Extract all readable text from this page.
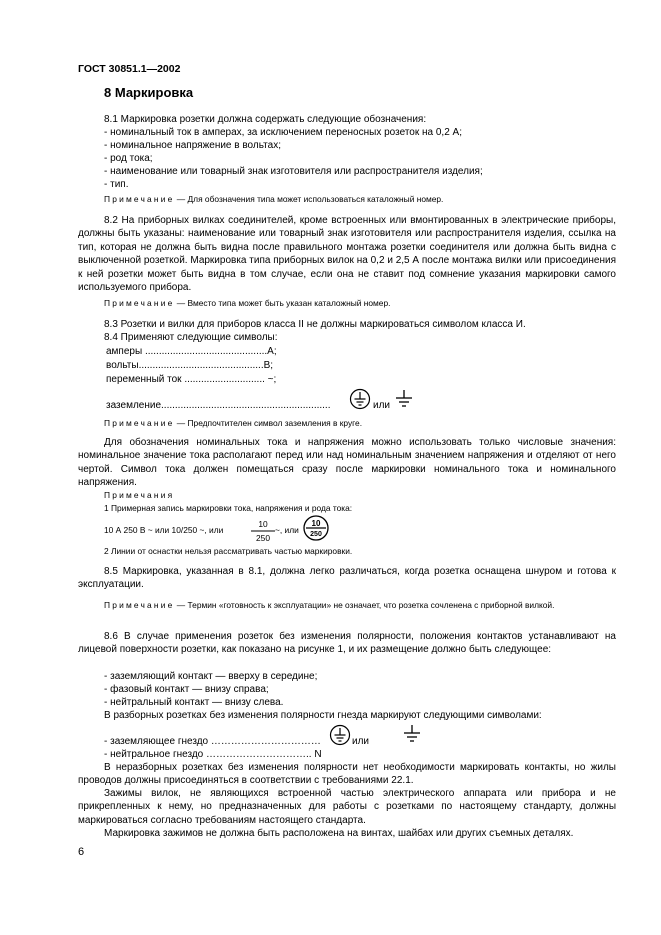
ГОСТ 30851.1—2002
8 Маркировка
8.1 Маркировка розетки должна содержать следующие обозначения:
- номинальный ток в амперах, за исключением переносных розеток на 0,2 А;
- номинальное напряжение в вольтах;
- род тока;
- наименование или товарный знак изготовителя или распространителя изделия;
- тип.
Примечание — Для обозначения типа может использоваться каталожный номер.
8.2 На приборных вилках соединителей, кроме встроенных или вмонтированных в электрические приборы, должны быть указаны: наименование или товарный знак изготовителя или распространителя изделия, ссылка на тип, которая не должна быть видна после правильного монтажа розетки соединителя или должна быть видна с выключенной розеткой. Маркировка типа приборных вилок на 0,2 и 2,5 А после монтажа вилки или присоединения к ней розетки может быть видна в том случае, если она не ставит под сомнение указания маркировки самого используемого прибора.
Примечание — Вместо типа может быть указан каталожный номер.
8.3 Розетки и вилки для приборов класса II не должны маркироваться символом класса И.
8.4 Применяют следующие символы:
амперы ............................................А;
вольты.............................................В;
переменный ток ............................. ~;
заземление.............................................................	или
Примечание — Предпочтителен символ заземления в круге.
Для обозначения номинальных тока и напряжения можно использовать только числовые значения: номинальное значение тока располагают перед или над номинальным значением напряжения и отделяют от него чертой. Символ тока должен помещаться сразу после маркировки номинального тока и номинального напряжения.
Примечания
1 Примерная запись маркировки тока, напряжения и рода тока:
10 А 250 В ~ или 10/250 ~, или
10
250
~, или
10
250
2 Линии от оснастки нельзя рассматривать частью маркировки.
8.5 Маркировка, указанная в 8.1, должна легко различаться, когда розетка оснащена шнуром и готова к эксплуатации.
Примечание — Термин «готовность к эксплуатации» не означает, что розетка сочленена с приборной вилкой.
8.6 В случае применения розеток без изменения полярности, положения контактов устанавливают на лицевой поверхности розетки, как показано на рисунке 1, и их размещение должно быть следующее:
- заземляющий контакт — вверху в середине;
- фазовый контакт — внизу справа;
- нейтральный контакт — внизу слева.
В разборных розетках без изменения полярности гнезда маркируют следующими символами:
- заземляющее гнездо ……………………………	или
- нейтральное гнездо ………………………….. N
В неразборных розетках без изменения полярности нет необходимости маркировать контакты, но жилы проводов должны присоединяться в соответствии с требованиями 22.1.
Зажимы вилок, не являющихся встроенной частью электрического аппарата или прибора и не прикрепленных к нему, но предназначенных для работы с розетками по настоящему стандарту, должны маркироваться согласно требованиям настоящего стандарта.
Маркировка зажимов не должна быть расположена на винтах, шайбах или других съемных деталях.
6
